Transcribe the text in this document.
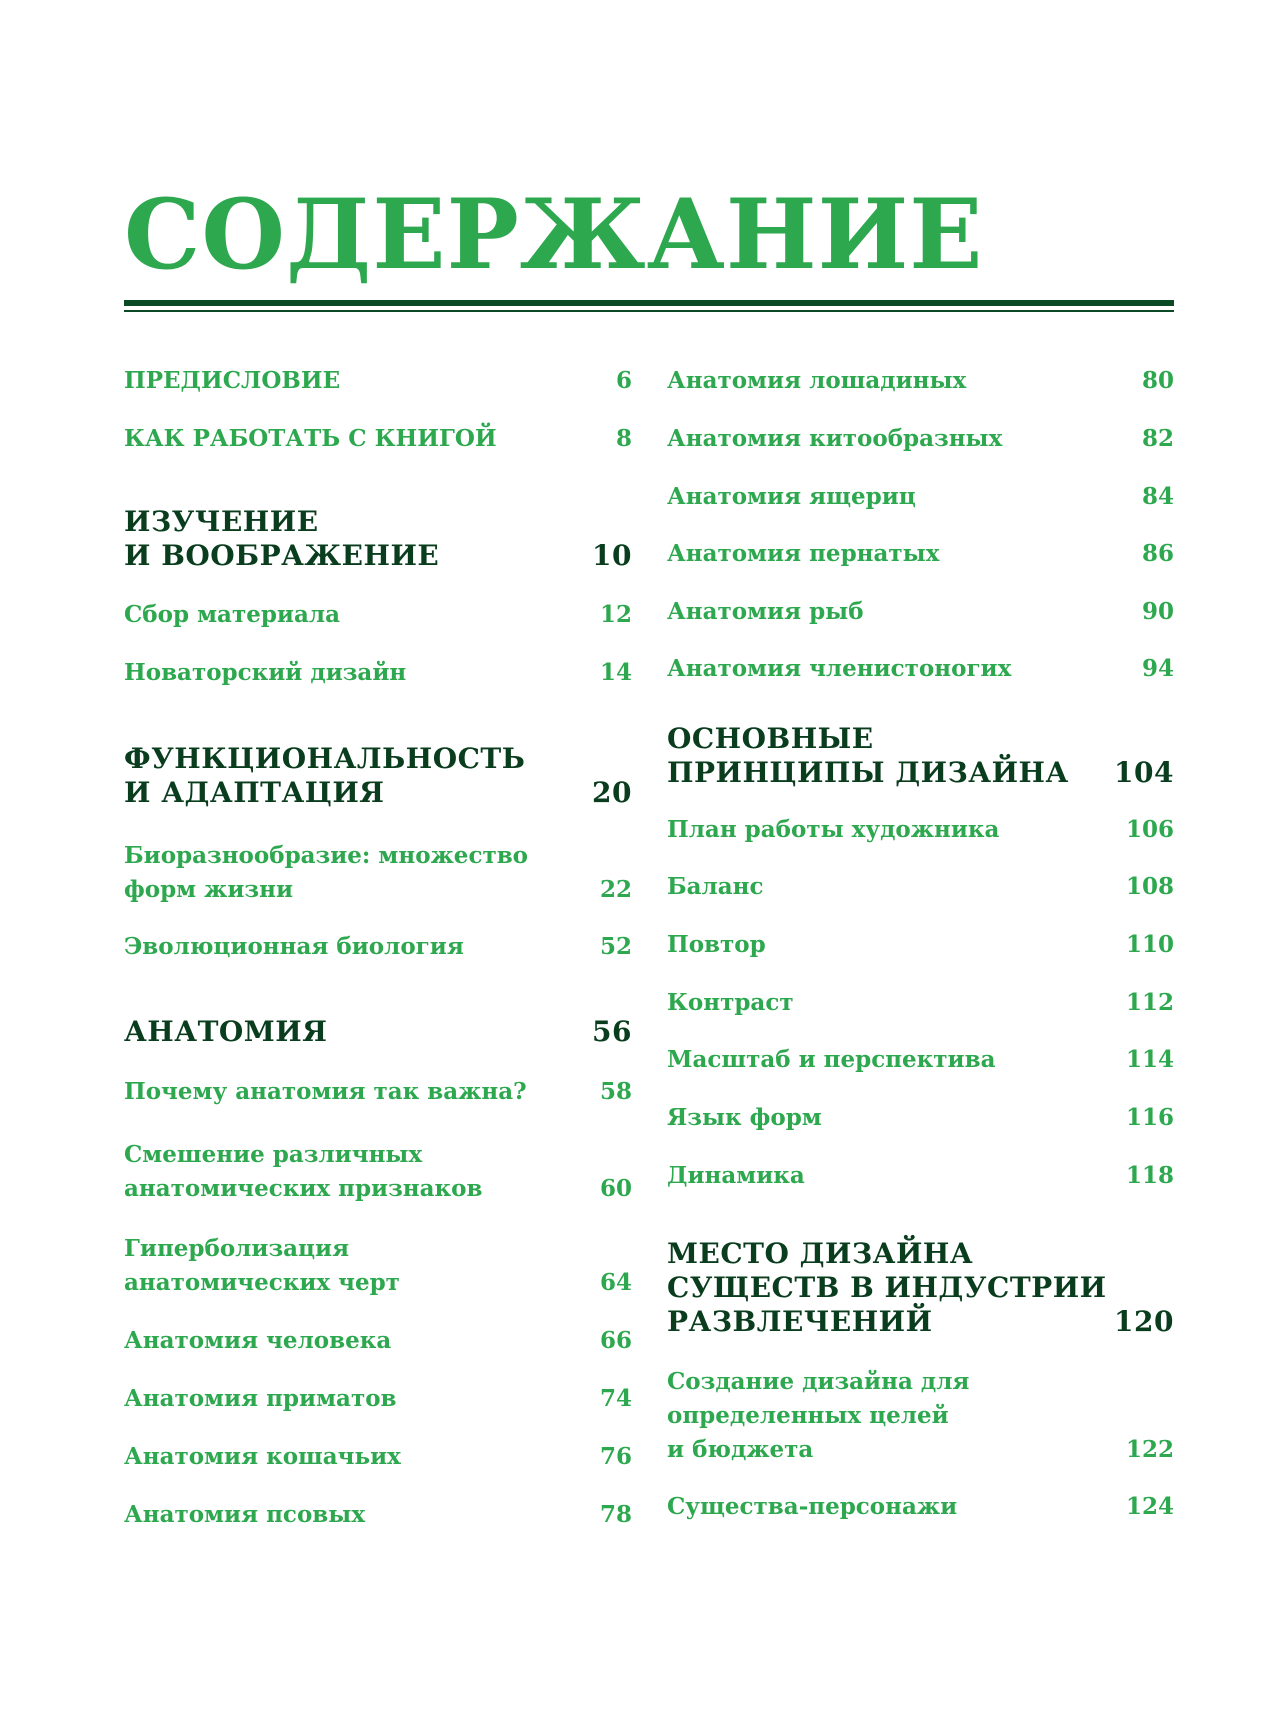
СОДЕРЖАНИЕ
ПРЕДИСЛОВИЕ	6
КАК РАБОТАТЬ С КНИГОЙ	8
ИЗУЧЕНИЕ
И ВООБРАЖЕНИЕ	10
Сбор материала	12
Новаторский дизайн	14
ФУНКЦИОНАЛЬНОСТЬ
И АДАПТАЦИЯ	20
Биоразнообразие: множество
форм жизни	22
Эволюционная биология	52
АНАТОМИЯ	56
Почему анатомия так важна?	58
Смешение различных
анатомических признаков	60
Гиперболизация
анатомических черт	64
Анатомия человека	66
Анатомия приматов	74
Анатомия кошачьих	76
Анатомия псовых	78
Анатомия лошадиных	80
Анатомия китообразных	82
Анатомия ящериц	84
Анатомия пернатых	86
Анатомия рыб	90
Анатомия членистоногих	94
ОСНОВНЫЕ
ПРИНЦИПЫ ДИЗАЙНА 104
План работы художника	106
Баланс	108
Повтор	110
Контраст	112
Масштаб и перспектива	114
Язык форм	116
Динамика	118
МЕСТО ДИЗАЙНА
СУЩЕСТВ В ИНДУСТРИИ
РАЗВЛЕЧЕНИЙ	120
Создание дизайна для
определенных целей
и бюджета	122
Существа-персонажи	124
